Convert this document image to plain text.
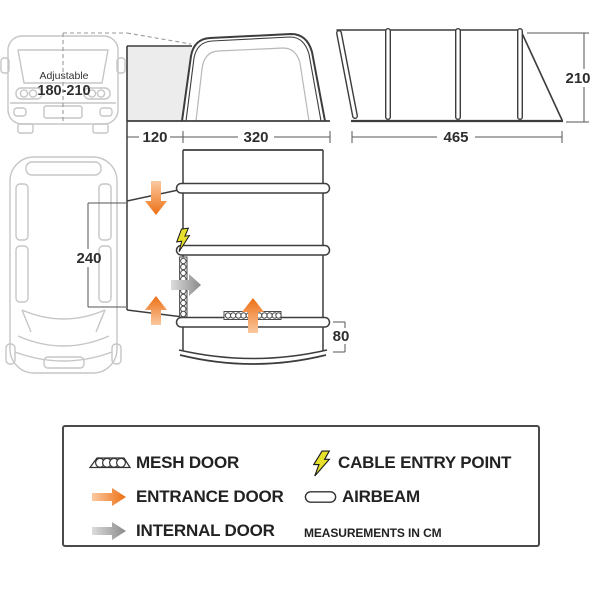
Adjustable
180-210
120	320	465
210
240
80
MESH DOOR	CABLE ENTRY POINT
ENTRANCE DOOR	AIRBEAM
INTERNAL DOOR MEASUREMENTS IN CM
